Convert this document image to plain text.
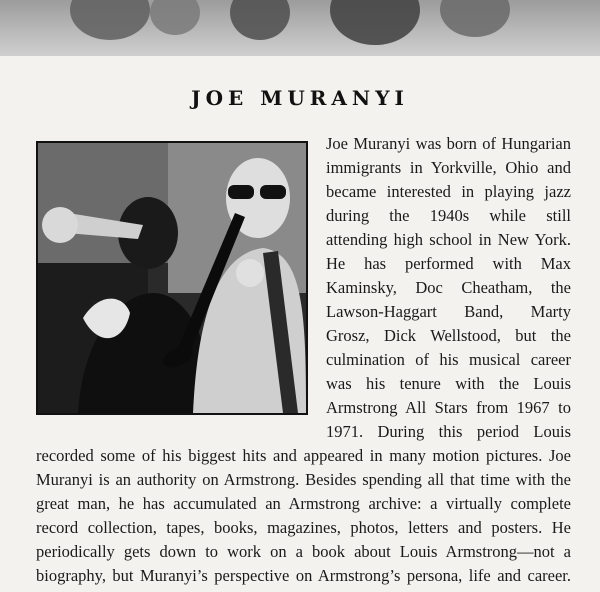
JOE MURANYI
Joe Muranyi was born of Hungarian
immigrants in Yorkville, Ohio and
became interested in playing jazz
during the 1940s while still
attending high school in New York.
He has performed with Max
Kaminsky, Doc Cheatham, the
Lawson-Haggart Band, Marty
Grosz, Dick Wellstood, but the
culmination of his musical career
was his tenure with the Louis
Armstrong All Stars from 1967 to
1971. During this period Louis
recorded some of his biggest hits and appeared in many motion pictures. Joe
Muranyi is an authority on Armstrong. Besides spending all that time with the
great man, he has accumulated an Armstrong archive: a virtually complete
record collection, tapes, books, magazines, photos, letters and posters. He
periodically gets down to work on a book about Louis Armstrong—not a
biography, but Muranyi’s perspective on Armstrong’s persona, life and career.
